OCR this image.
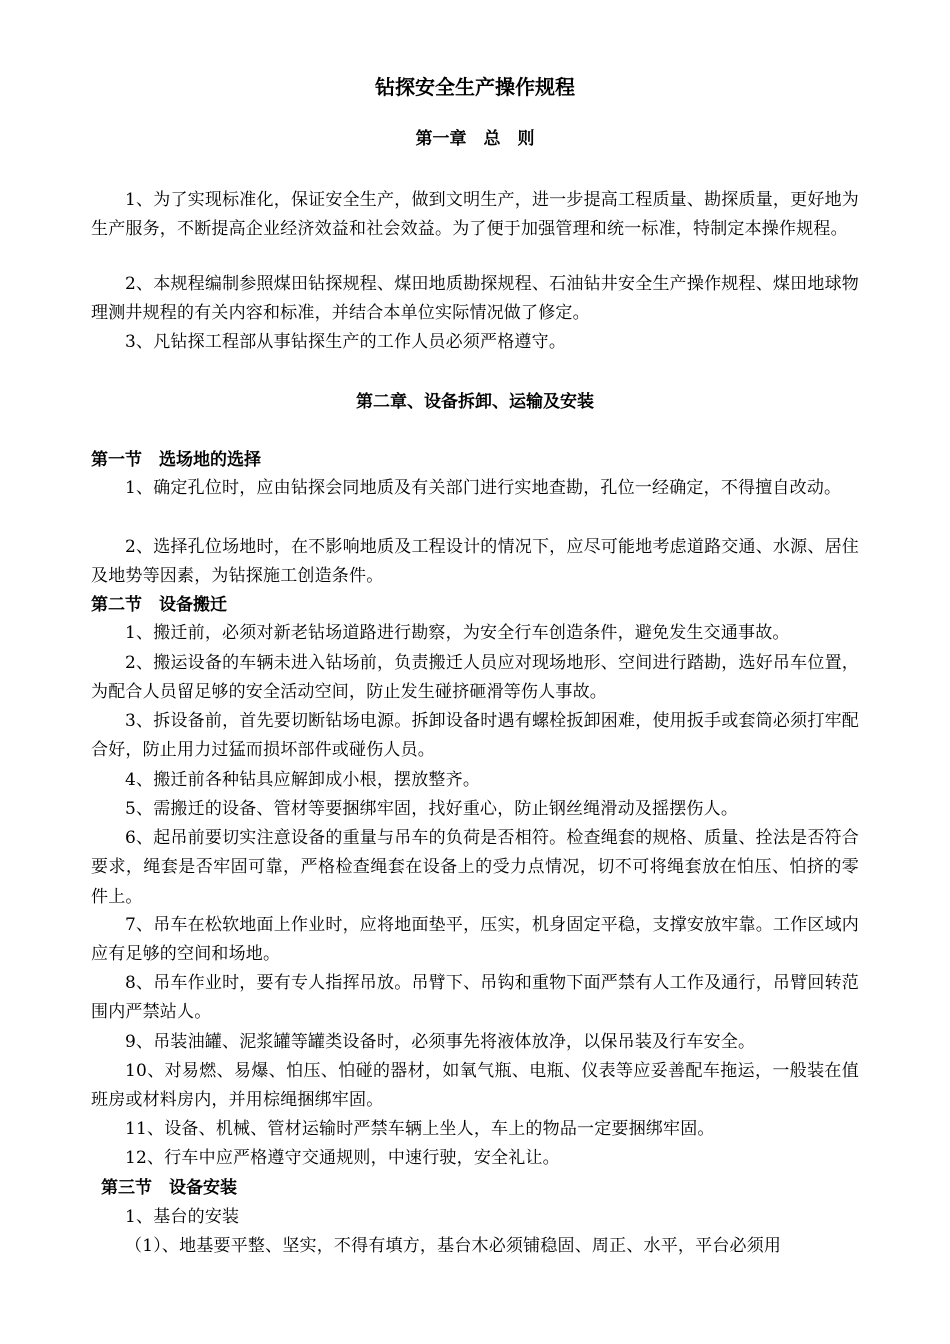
钻探安全生产操作规程
第一章　总　则
1、为了实现标准化，保证安全生产，做到文明生产，进一步提高工程质量、勘探质量，更好地为生产服务，不断提高企业经济效益和社会效益。为了便于加强管理和统一标准，特制定本操作规程。
2、本规程编制参照煤田钻探规程、煤田地质勘探规程、石油钻井安全生产操作规程、煤田地球物理测井规程的有关内容和标准，并结合本单位实际情况做了修定。
3、凡钻探工程部从事钻探生产的工作人员必须严格遵守。
第二章、设备拆卸、运输及安装
第一节　选场地的选择
1、确定孔位时，应由钻探会同地质及有关部门进行实地查勘，孔位一经确定，不得擅自改动。
2、选择孔位场地时，在不影响地质及工程设计的情况下，应尽可能地考虑道路交通、水源、居住及地势等因素，为钻探施工创造条件。
第二节　设备搬迁
1、搬迁前，必须对新老钻场道路进行勘察，为安全行车创造条件，避免发生交通事故。
2、搬运设备的车辆未进入钻场前，负责搬迁人员应对现场地形、空间进行踏勘，选好吊车位置，为配合人员留足够的安全活动空间，防止发生碰挤砸滑等伤人事故。
3、拆设备前，首先要切断钻场电源。拆卸设备时遇有螺栓扳卸困难，使用扳手或套筒必须打牢配合好，防止用力过猛而损坏部件或碰伤人员。
4、搬迁前各种钻具应解卸成小根，摆放整齐。
5、需搬迁的设备、管材等要捆绑牢固，找好重心，防止钢丝绳滑动及摇摆伤人。
6、起吊前要切实注意设备的重量与吊车的负荷是否相符。检查绳套的规格、质量、拴法是否符合要求，绳套是否牢固可靠，严格检查绳套在设备上的受力点情况，切不可将绳套放在怕压、怕挤的零件上。
7、吊车在松软地面上作业时，应将地面垫平，压实，机身固定平稳，支撑安放牢靠。工作区域内应有足够的空间和场地。
8、吊车作业时，要有专人指挥吊放。吊臂下、吊钩和重物下面严禁有人工作及通行，吊臂回转范围内严禁站人。
9、吊装油罐、泥浆罐等罐类设备时，必须事先将液体放净，以保吊装及行车安全。
10、对易燃、易爆、怕压、怕碰的器材，如氧气瓶、电瓶、仪表等应妥善配车拖运，一般装在值班房或材料房内，并用棕绳捆绑牢固。
11、设备、机械、管材运输时严禁车辆上坐人，车上的物品一定要捆绑牢固。
12、行车中应严格遵守交通规则，中速行驶，安全礼让。
第三节　设备安装
1、基台的安装
（1）、地基要平整、坚实，不得有填方，基台木必须铺稳固、周正、水平，平台必须用
